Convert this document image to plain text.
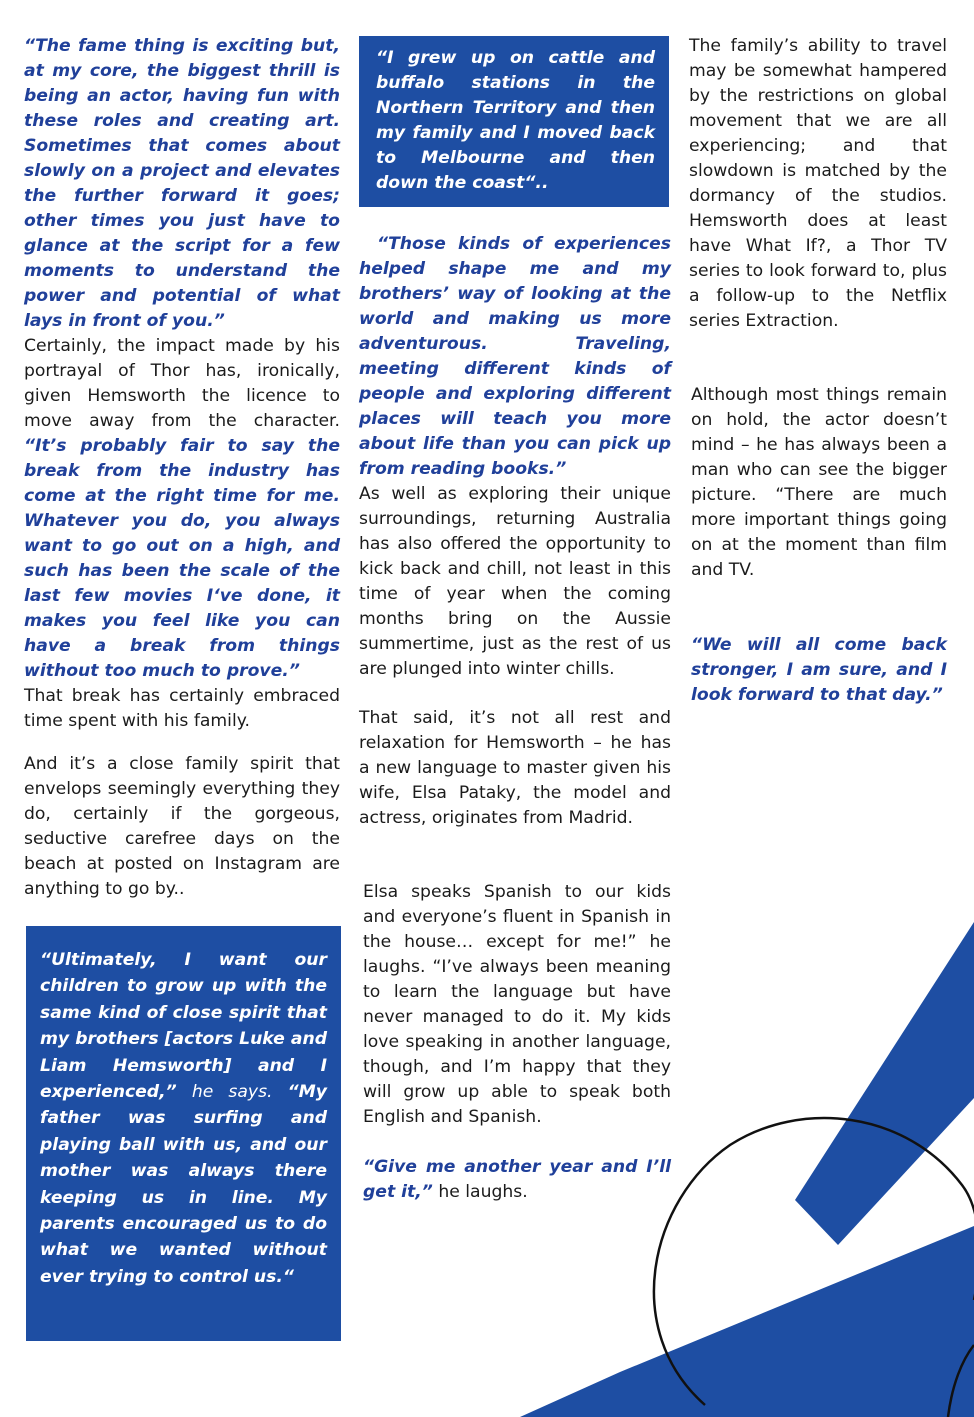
“The fame thing is exciting but, at my core, the biggest thrill is being an actor, having fun with these roles and creating art. Sometimes that comes about slowly on a project and elevates the further forward it goes; other times you just have to glance at the script for a few moments to understand the power and potential of what lays in front of you.”

Certainly, the impact made by his portrayal of Thor has, ironically, given Hemsworth the licence to move away from the character. “It’s probably fair to say the break from the industry has come at the right time for me. Whatever you do, you always want to go out on a high, and such has been the scale of the last few movies I‘ve done, it makes you feel like you can have a break from things without too much to prove.”

That break has certainly embraced time spent with his family.

And it’s a close family spirit that envelops seemingly everything they do, certainly if the gorgeous, seductive carefree days on the beach at posted on Instagram are anything to go by..

“Ultimately, I want our children to grow up with the same kind of close spirit that my brothers [actors Luke and Liam Hemsworth] and I experienced,” he says. “My father was surfing and playing ball with us, and our mother was always there keeping us in line. My parents encouraged us to do what we wanted without ever trying to control us.“

“I grew up on cattle and buffalo stations in the Northern Territory and then my family and I moved back to Melbourne and then down the coast“..

“Those kinds of experiences helped shape me and my brothers’ way of looking at the world and making us more adventurous. Traveling, meeting different kinds of people and exploring different places will teach you more about life than you can pick up from reading books.”

As well as exploring their unique surroundings, returning Australia has also offered the opportunity to kick back and chill, not least in this time of year when the coming months bring on the Aussie summertime, just as the rest of us are plunged into winter chills.

That said, it’s not all rest and relaxation for Hemsworth – he has a new language to master given his wife, Elsa Pataky, the model and actress, originates from Madrid.

Elsa speaks Spanish to our kids and everyone’s fluent in Spanish in the house… except for me!” he laughs. “I’ve always been meaning to learn the language but have never managed to do it. My kids love speaking in another language, though, and I’m happy that they will grow up able to speak both English and Spanish.

“Give me another year and I’ll get it,” he laughs.

The family’s ability to travel may be somewhat hampered by the restrictions on global movement that we are all experiencing; and that slowdown is matched by the dormancy of the studios. Hemsworth does at least have What If?, a Thor TV series to look forward to, plus a follow-up to the Netflix series Extraction.

Although most things remain on hold, the actor doesn’t mind – he has always been a man who can see the bigger picture. “There are much more important things going on at the moment than film and TV.

“We will all come back stronger, I am sure, and I look forward to that day.”
